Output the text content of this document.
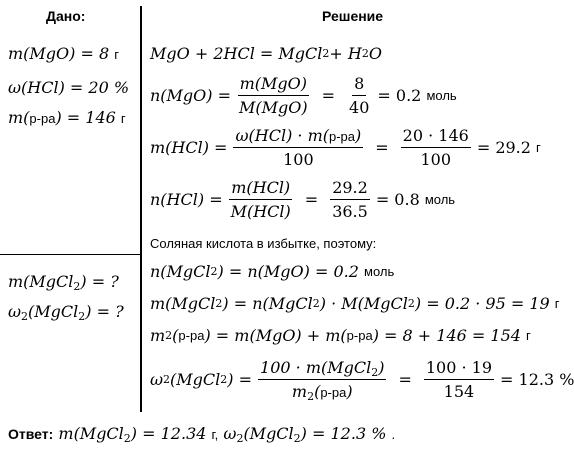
Дано:	Решение
m(MgO) = 8 г
ω(HCl) = 20 %
m(р-ра) = 146 г
m(MgCl$_2$) = ?
$\omega_2(MgCl_2)$ = ?
MgO + 2HCl = MgCl 2 + H 2 O
$n(MgO) = \frac{\text{m(MgO)}}{\text{M(MgO)}} = \frac{8}{40} = 0.2$
моль
$m(HCl) = \frac{\text{ω(HCl) · m(р-ра)}}{100} = \frac{20 \cdot 146}{100} = 29.2$
г
$n(HCl) = \frac{\text{m(HCl)}}{\text{M(HCl)}} = \frac{29.2}{36.5} = 0.8$
моль
Соляная кислота в избытке, поэтому:
n(MgCl 2 ) = n(MgO) = 0.2
моль
m(MgCl 2 ) = n(MgCl 2 ) · M(MgCl 2 ) = 0.2 · 95 = 19
г
m 2 ( р-ра ) = m(MgO) + m( р-ра ) = 8 + 146 = 154
г
ω 2 (MgCl 2 ) = $\frac{100 \cdot m(MgCl_2)}{m_2(р-ра)} = \frac{100 \cdot 19}{154} = 12.3$ %
Ответ: m(MgCl$_2$) = 12.34 г, $\omega_2(MgCl_2) = 12.3$ % .
